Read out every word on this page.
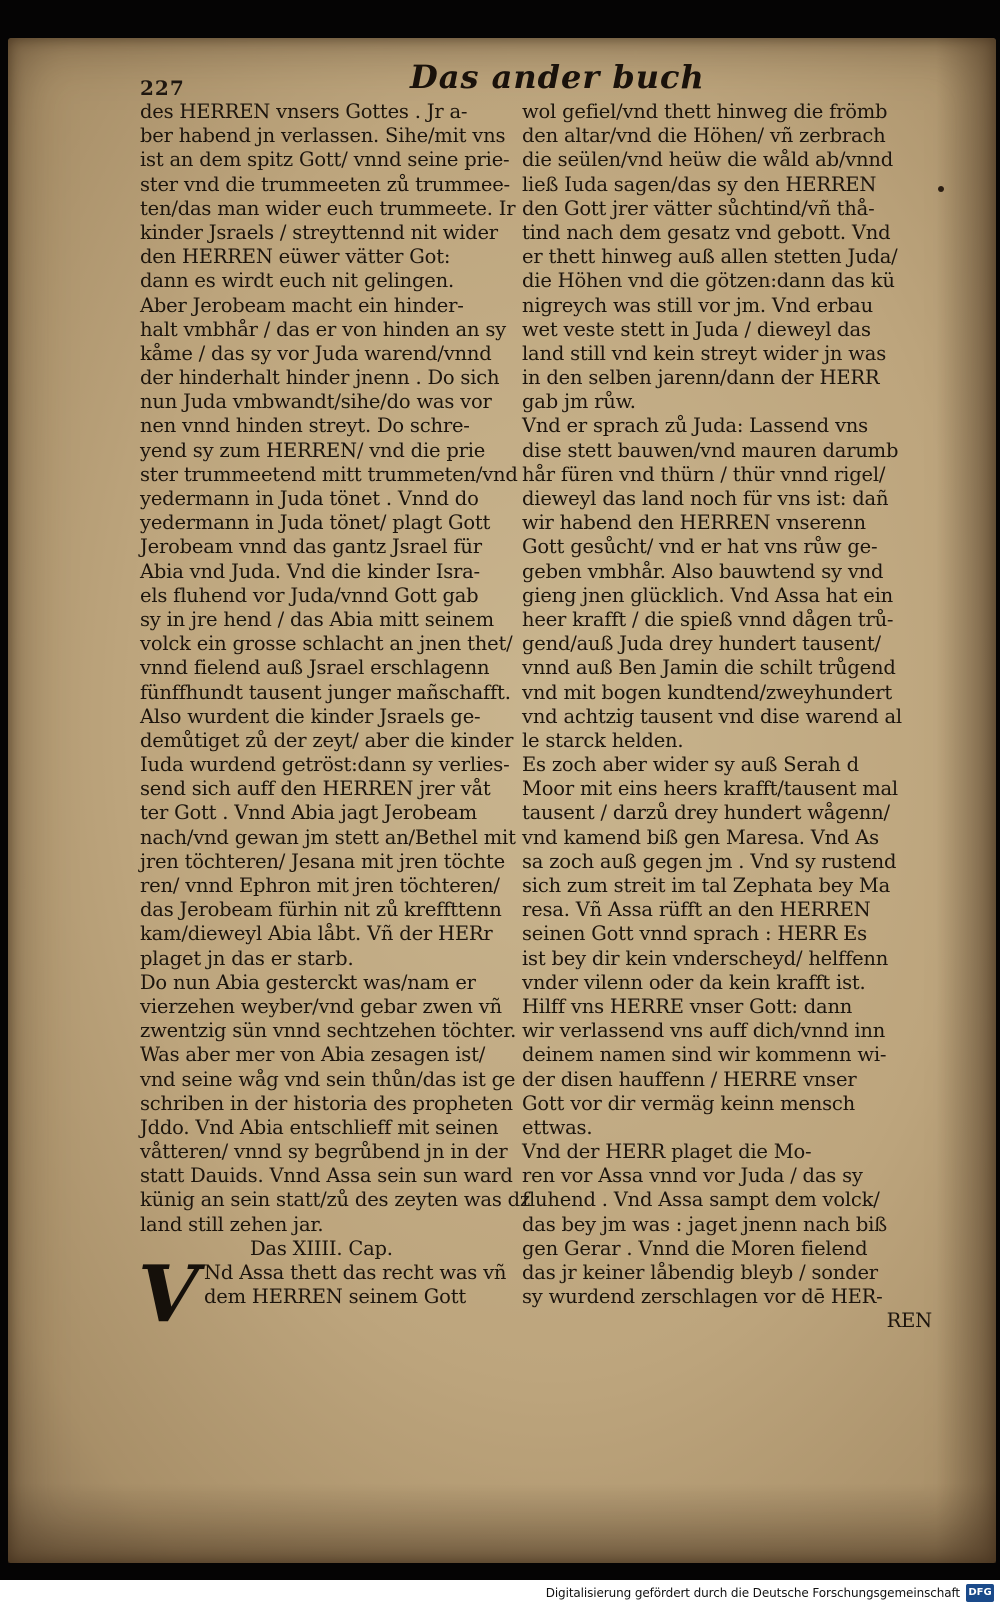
227	Das ander buch
des HERREN vnsers Gottes . Jr a-
ber habend jn verlassen. Sihe/mit vns
ist an dem spitz Gott/ vnnd seine prie-
ster vnd die trummeeten zů trummee-
ten/das man wider euch trummeete. Ir
kinder Jsraels / streyttennd nit wider
den HERREN eüwer vätter Got:
dann es wirdt euch nit gelingen.
Aber Jerobeam macht ein hinder-
halt vmbhår / das er von hinden an sy
kåme / das sy vor Juda warend/vnnd
der hinderhalt hinder jnenn . Do sich
nun Juda vmbwandt/sihe/do was vor
nen vnnd hinden streyt. Do schre-
yend sy zum HERREN/ vnd die prie
ster trummeetend mitt trummeten/vnd
yedermann in Juda tönet . Vnnd do
yedermann in Juda tönet/ plagt Gott
Jerobeam vnnd das gantz Jsrael für
Abia vnd Juda. Vnd die kinder Isra-
els fluhend vor Juda/vnnd Gott gab
sy in jre hend / das Abia mitt seinem
volck ein grosse schlacht an jnen thet/
vnnd fielend auß Jsrael erschlagenn
fünffhundt tausent junger mañschafft.
Also wurdent die kinder Jsraels ge-
demůtiget zů der zeyt/ aber die kinder
Iuda wurdend getröst:dann sy verlies-
send sich auff den HERREN jrer våt
ter Gott . Vnnd Abia jagt Jerobeam
nach/vnd gewan jm stett an/Bethel mit
jren töchteren/ Jesana mit jren töchte
ren/ vnnd Ephron mit jren töchteren/
das Jerobeam fürhin nit zů kreffttenn
kam/dieweyl Abia låbt. Vñ der HERr
plaget jn das er starb.
Do nun Abia gesterckt was/nam er
vierzehen weyber/vnd gebar zwen vñ
zwentzig sün vnnd sechtzehen töchter.
Was aber mer von Abia zesagen ist/
vnd seine wåg vnd sein thůn/das ist ge
schriben in der historia des propheten
Jddo. Vnd Abia entschlieff mit seinen
våtteren/ vnnd sy begrůbend jn in der
statt Dauids. Vnnd Assa sein sun ward
künig an sein statt/zů des zeyten was dz
land still zehen jar.
Das XIIII. Cap.
V Nd Assa thett das recht was vñ
dem HERREN seinem Gott
wol gefiel/vnd thett hinweg die frömb
den altar/vnd die Höhen/ vñ zerbrach
die seülen/vnd heüw die wåld ab/vnnd
ließ Iuda sagen/das sy den HERREN
den Gott jrer vätter sůchtind/vñ thå-
tind nach dem gesatz vnd gebott. Vnd
er thett hinweg auß allen stetten Juda/
die Höhen vnd die götzen:dann das kü
nigreych was still vor jm. Vnd erbau
wet veste stett in Juda / dieweyl das
land still vnd kein streyt wider jn was
in den selben jarenn/dann der HERR
gab jm růw.
Vnd er sprach zů Juda: Lassend vns
dise stett bauwen/vnd mauren darumb
hår füren vnd thürn / thür vnnd rigel/
dieweyl das land noch für vns ist: dañ
wir habend den HERREN vnserenn
Gott gesůcht/ vnd er hat vns růw ge-
geben vmbhår. Also bauwtend sy vnd
gieng jnen glücklich. Vnd Assa hat ein
heer krafft / die spieß vnnd dågen trů-
gend/auß Juda drey hundert tausent/
vnnd auß Ben Jamin die schilt trůgend
vnd mit bogen kundtend/zweyhundert
vnd achtzig tausent vnd dise warend al
le starck helden.
Es zoch aber wider sy auß Serah d
Moor mit eins heers krafft/tausent mal
tausent / darzů drey hundert wågenn/
vnd kamend biß gen Maresa. Vnd As
sa zoch auß gegen jm . Vnd sy rustend
sich zum streit im tal Zephata bey Ma
resa. Vñ Assa rüfft an den HERREN
seinen Gott vnnd sprach : HERR Es
ist bey dir kein vnderscheyd/ helffenn
vnder vilenn oder da kein krafft ist.
Hilff vns HERRE vnser Gott: dann
wir verlassend vns auff dich/vnnd inn
deinem namen sind wir kommenn wi-
der disen hauffenn / HERRE vnser
Gott vor dir vermäg keinn mensch
ettwas.
Vnd der HERR plaget die Mo-
ren vor Assa vnnd vor Juda / das sy
fluhend . Vnd Assa sampt dem volck/
das bey jm was : jaget jnenn nach biß
gen Gerar . Vnnd die Moren fielend
das jr keiner låbendig bleyb / sonder
sy wurdend zerschlagen vor dē HER-
REN
Digitalisierung gefördert durch die Deutsche Forschungsgemeinschaft DFG
